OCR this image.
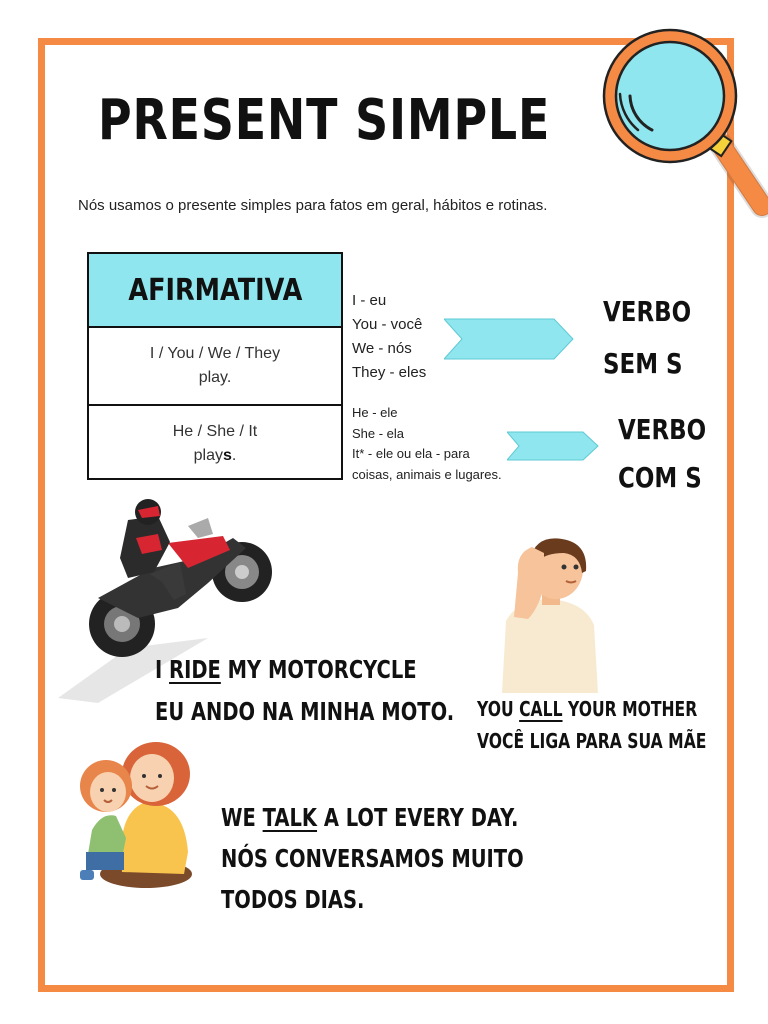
PRESENT SIMPLE
Nós usamos o presente simples para fatos em geral, hábitos e rotinas.
AFIRMATIVA
I / You / We / They
play.
He / She / It
plays.
I - eu
You - você
We - nós
They - eles
He - ele
She - ela
It* - ele ou ela - para
coisas, animais e lugares.
VERBO
SEM S
VERBO
COM S
I RIDE MY MOTORCYCLE
EU ANDO NA MINHA MOTO. YOU CALL YOUR MOTHER
VOCÊ LIGA PARA SUA MÃE
WE TALK A LOT EVERY DAY.
NÓS CONVERSAMOS MUITO
TODOS DIAS.
